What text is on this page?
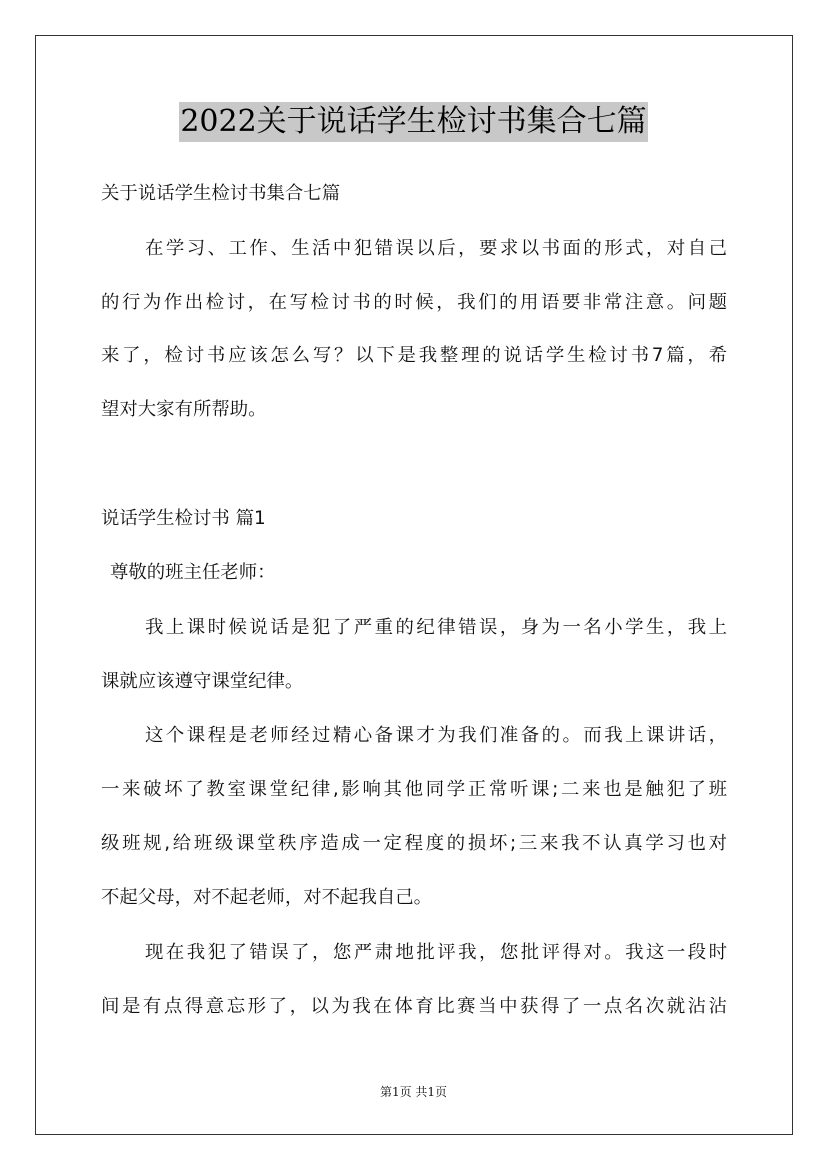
2022关于说话学生检讨书集合七篇

关于说话学生检讨书集合七篇

在学习、工作、生活中犯错误以后，要求以书面的形式，对自己

的行为作出检讨，在写检讨书的时候，我们的用语要非常注意。问题

来了，检讨书应该怎么写？以下是我整理的说话学生检讨书7篇，希

望对大家有所帮助。

说话学生检讨书 篇1

尊敬的班主任老师：

我上课时候说话是犯了严重的纪律错误，身为一名小学生，我上

课就应该遵守课堂纪律。

这个课程是老师经过精心备课才为我们准备的。而我上课讲话，

一来破坏了教室课堂纪律,影响其他同学正常听课;二来也是触犯了班

级班规,给班级课堂秩序造成一定程度的损坏;三来我不认真学习也对

不起父母，对不起老师，对不起我自己。

现在我犯了错误了，您严肃地批评我，您批评得对。我这一段时

间是有点得意忘形了，以为我在体育比赛当中获得了一点名次就沾沾

第1页 共1页
